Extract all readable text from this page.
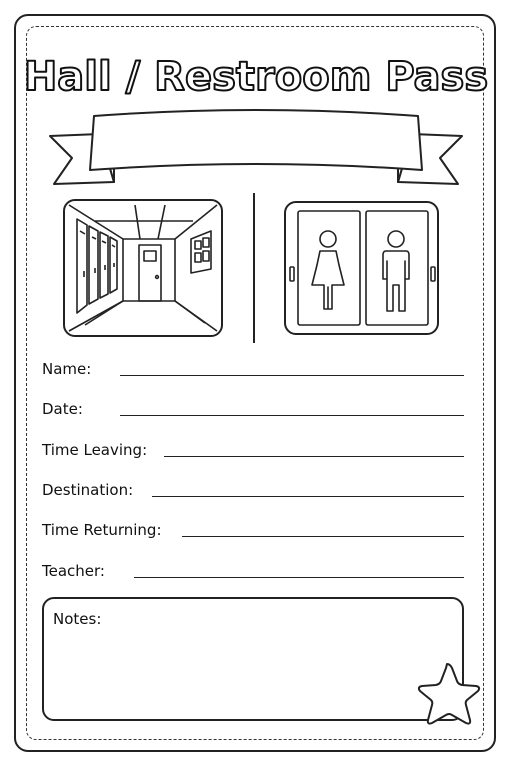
Hall / Restroom Pass
Name:
Date:
Time Leaving:
Destination:
Time Returning:
Teacher:
Notes:
